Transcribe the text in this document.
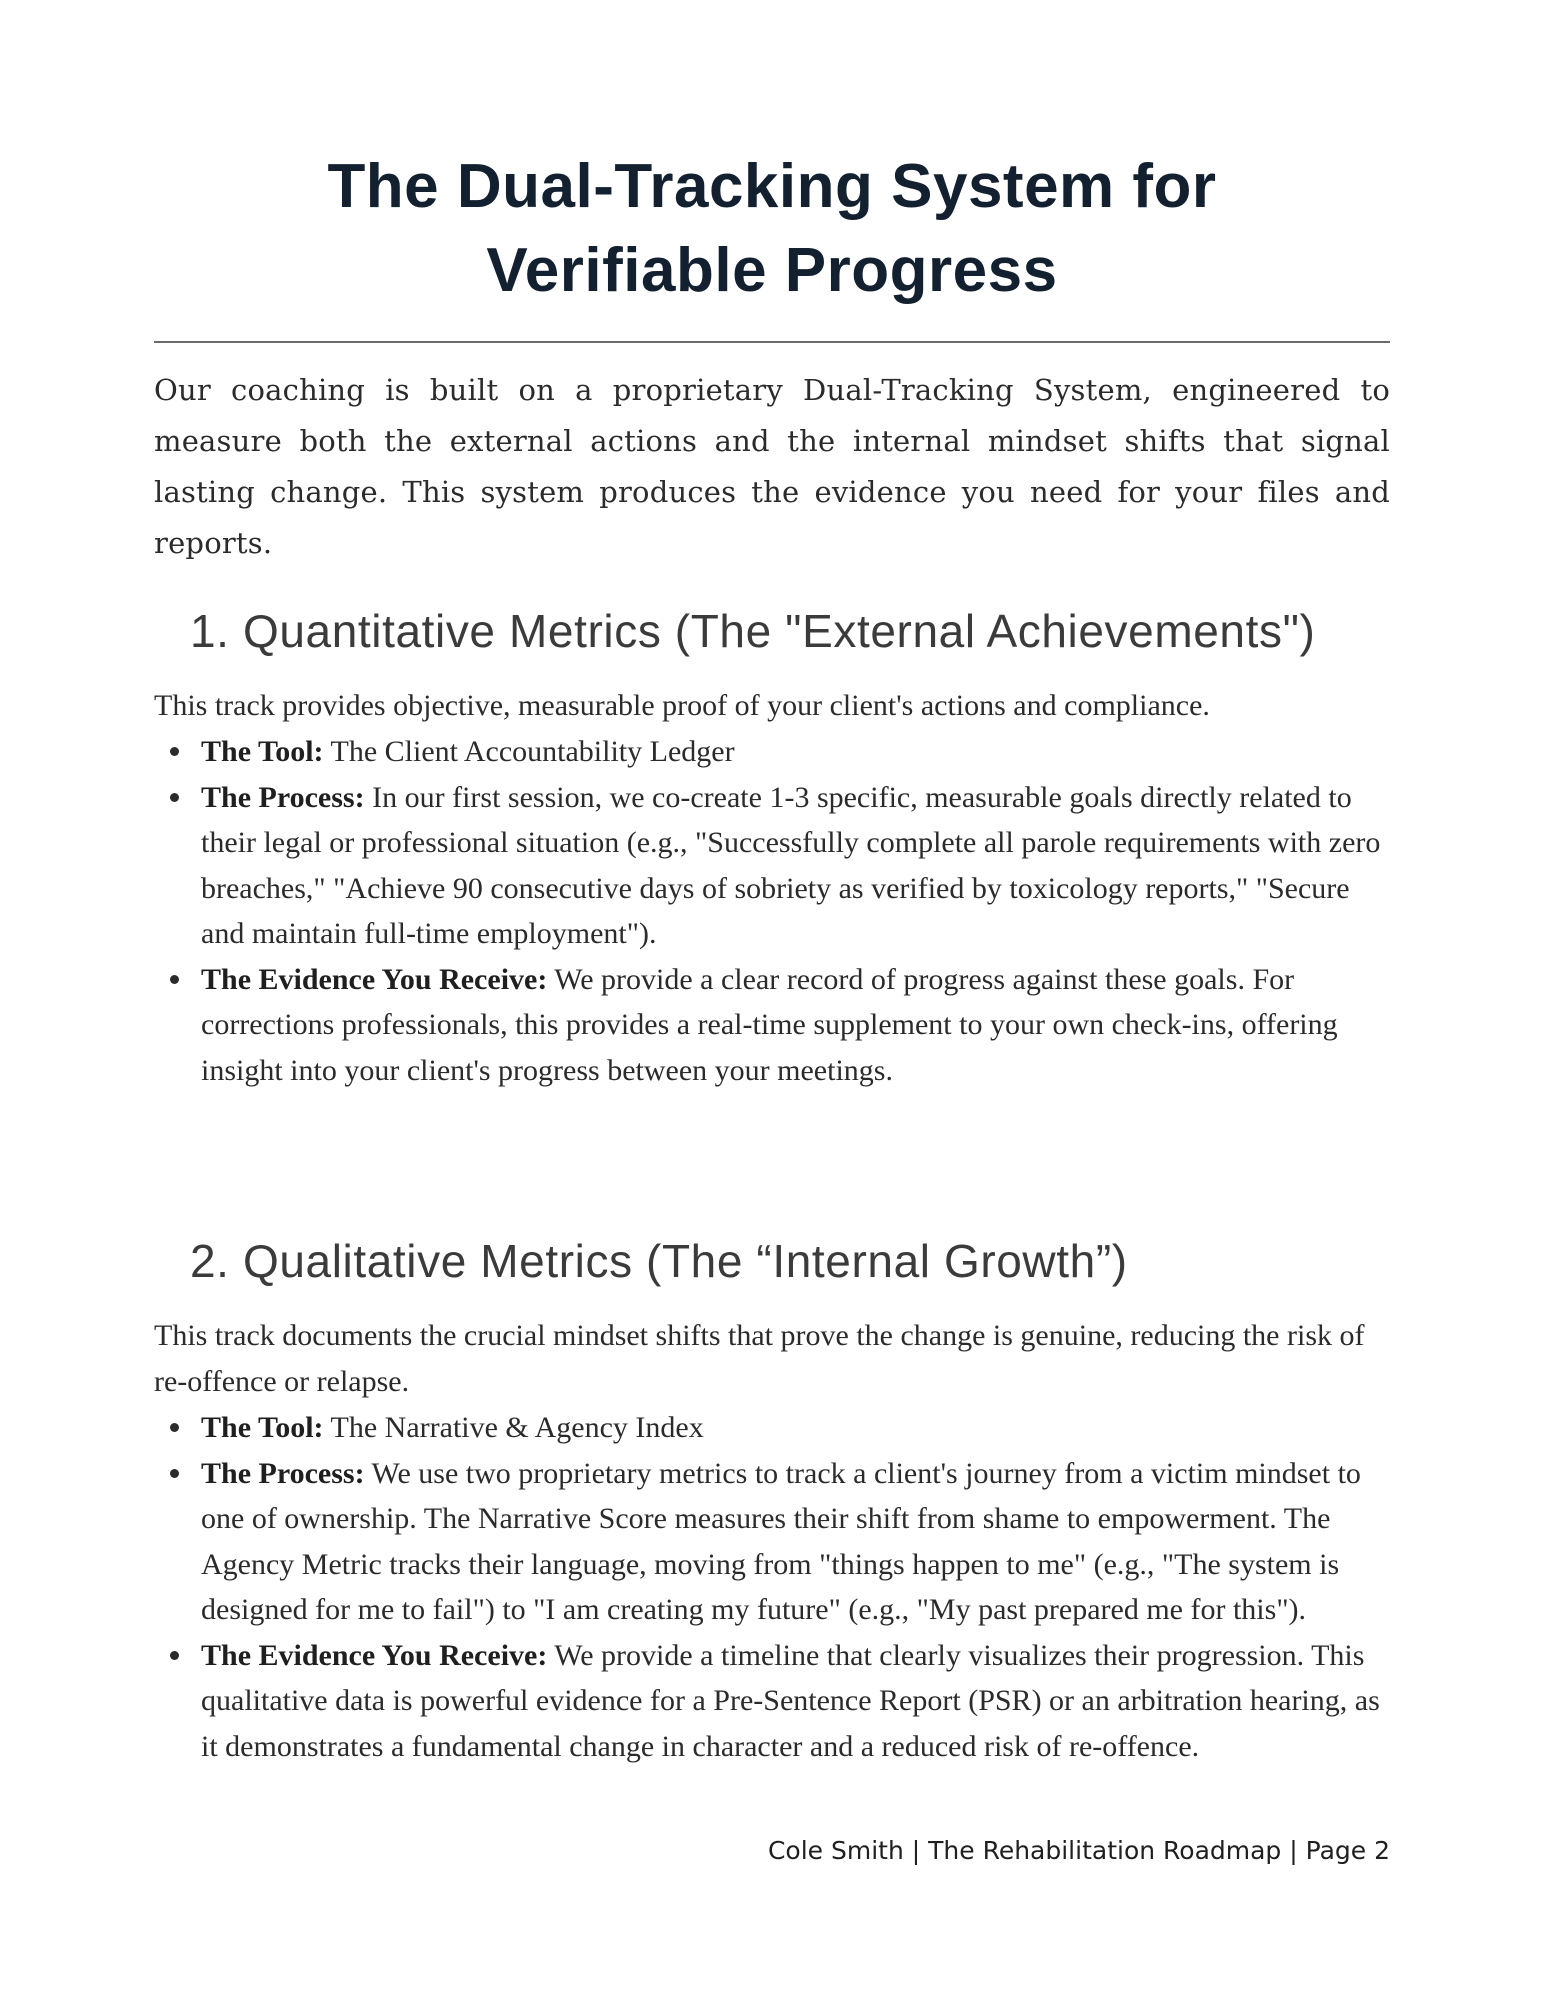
The Dual-Tracking System for
Verifiable Progress

Our coaching is built on a proprietary Dual-Tracking System, engineered to measure both the external actions and the internal mindset shifts that signal lasting change. This system produces the evidence you need for your files and reports.

1. Quantitative Metrics (The "External Achievements")

This track provides objective, measurable proof of your client's actions and compliance.

The Tool: The Client Accountability Ledger
The Process: In our first session, we co-create 1-3 specific, measurable goals directly related to their legal or professional situation (e.g., "Successfully complete all parole requirements with zero breaches," "Achieve 90 consecutive days of sobriety as verified by toxicology reports," "Secure and maintain full-time employment").
The Evidence You Receive: We provide a clear record of progress against these goals. For corrections professionals, this provides a real-time supplement to your own check-ins, offering insight into your client's progress between your meetings.
2. Qualitative Metrics (The “Internal Growth”)

This track documents the crucial mindset shifts that prove the change is genuine, reducing the risk of re-offence or relapse.

The Tool: The Narrative & Agency Index
The Process: We use two proprietary metrics to track a client's journey from a victim mindset to one of ownership. The Narrative Score measures their shift from shame to empowerment. The Agency Metric tracks their language, moving from "things happen to me" (e.g., "The system is designed for me to fail") to "I am creating my future" (e.g., "My past prepared me for this").
The Evidence You Receive: We provide a timeline that clearly visualizes their progression. This qualitative data is powerful evidence for a Pre-Sentence Report (PSR) or an arbitration hearing, as it demonstrates a fundamental change in character and a reduced risk of re-offence.
Cole Smith | The Rehabilitation Roadmap | Page 2
